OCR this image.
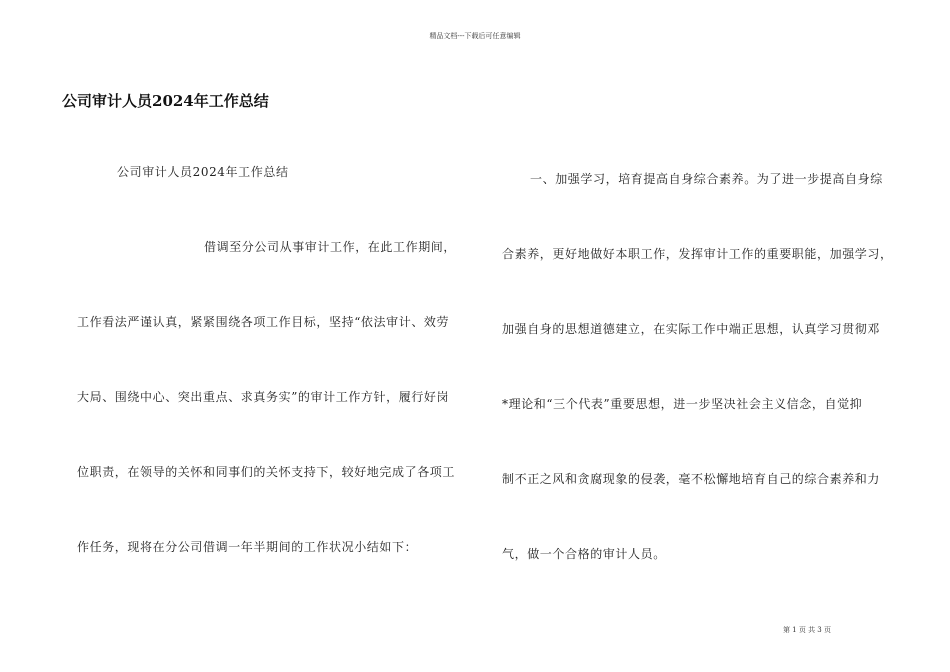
精品文档---下载后可任意编辑
公司审计人员2024年工作总结
公司审计人员2024年工作总结
借调至分公司从事审计工作，在此工作期间，
工作看法严谨认真，紧紧围绕各项工作目标，坚持“依法审计、效劳
大局、围绕中心、突出重点、求真务实”的审计工作方针，履行好岗
位职责，在领导的关怀和同事们的关怀支持下，较好地完成了各项工
作任务，现将在分公司借调一年半期间的工作状况小结如下：
一、加强学习，培育提高自身综合素养。为了进一步提高自身综
合素养，更好地做好本职工作，发挥审计工作的重要职能，加强学习，
加强自身的思想道德建立，在实际工作中端正思想，认真学习贯彻邓
*理论和“三个代表”重要思想，进一步坚决社会主义信念，自觉抑
制不正之风和贪腐现象的侵袭，毫不松懈地培育自己的综合素养和力
气，做一个合格的审计人员。
第 1 页 共 3 页
